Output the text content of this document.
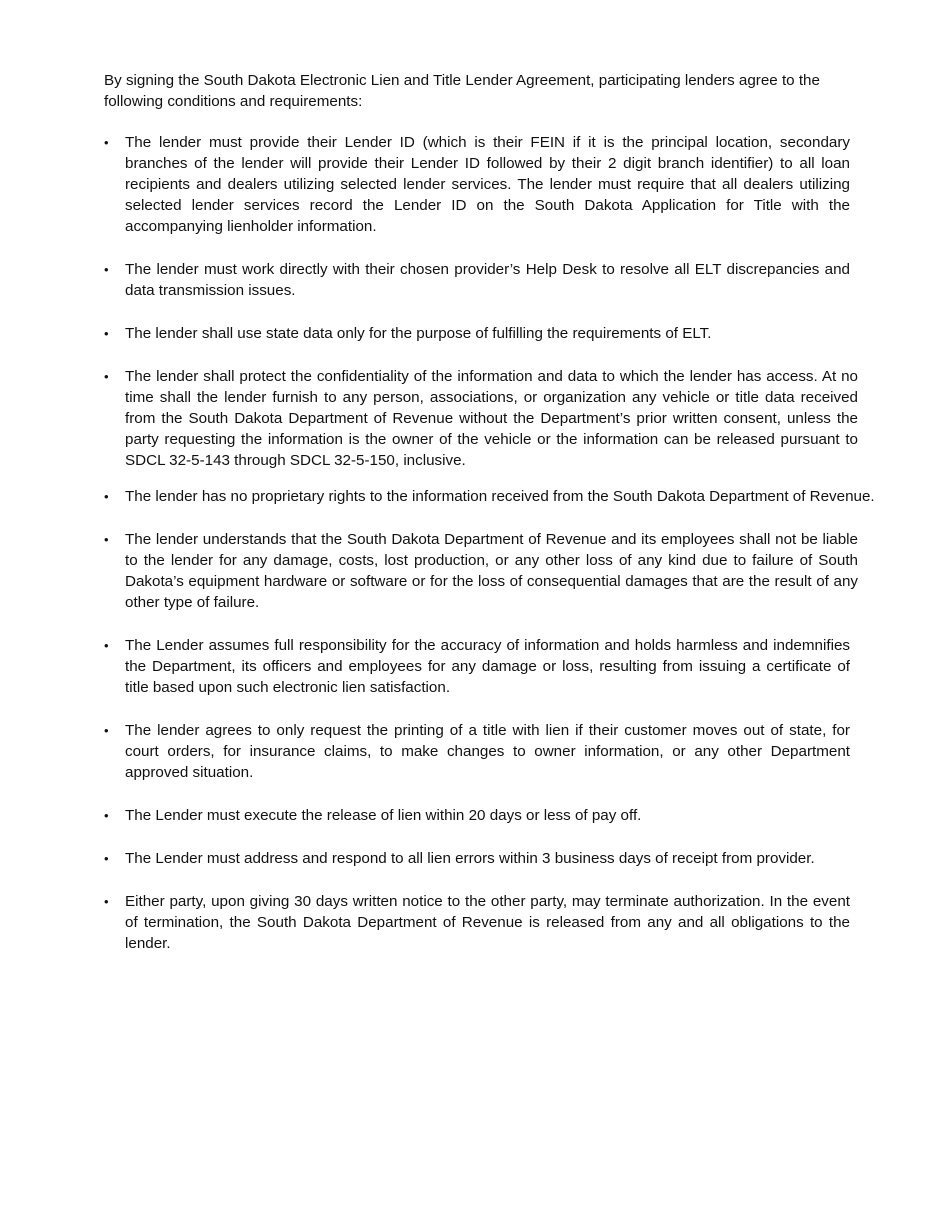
By signing the South Dakota Electronic Lien and Title Lender Agreement, participating lenders agree to the following conditions and requirements:

•	The lender must provide their Lender ID (which is their FEIN if it is the principal location, secondary branches of the lender will provide their Lender ID followed by their 2 digit branch identifier) to all loan recipients and dealers utilizing selected lender services. The lender must require that all dealers utilizing selected lender services record the Lender ID on the South Dakota Application for Title with the accompanying lienholder information.
•	The lender must work directly with their chosen provider’s Help Desk to resolve all ELT discrepancies and data transmission issues.
•	The lender shall use state data only for the purpose of fulfilling the requirements of ELT.
•	The lender shall protect the confidentiality of the information and data to which the lender has access. At no time shall the lender furnish to any person, associations, or organization any vehicle or title data received from the South Dakota Department of Revenue without the Department’s prior written consent, unless the party requesting the information is the owner of the vehicle or the information can be released pursuant to SDCL 32-5-143 through SDCL 32-5-150, inclusive.
•	The lender has no proprietary rights to the information received from the South Dakota Department of Revenue.
•	The lender understands that the South Dakota Department of Revenue and its employees shall not be liable to the lender for any damage, costs, lost production, or any other loss of any kind due to failure of South Dakota’s equipment hardware or software or for the loss of consequential damages that are the result of any other type of failure.
•	The Lender assumes full responsibility for the accuracy of information and holds harmless and indemnifies the Department, its officers and employees for any damage or loss, resulting from issuing a certificate of title based upon such electronic lien satisfaction.
•	The lender agrees to only request the printing of a title with lien if their customer moves out of state, for court orders, for insurance claims, to make changes to owner information, or any other Department approved situation.
•	The Lender must execute the release of lien within 20 days or less of pay off.
•	The Lender must address and respond to all lien errors within 3 business days of receipt from provider.
•	Either party, upon giving 30 days written notice to the other party, may terminate authorization. In the event of termination, the South Dakota Department of Revenue is released from any and all obligations to the lender.
